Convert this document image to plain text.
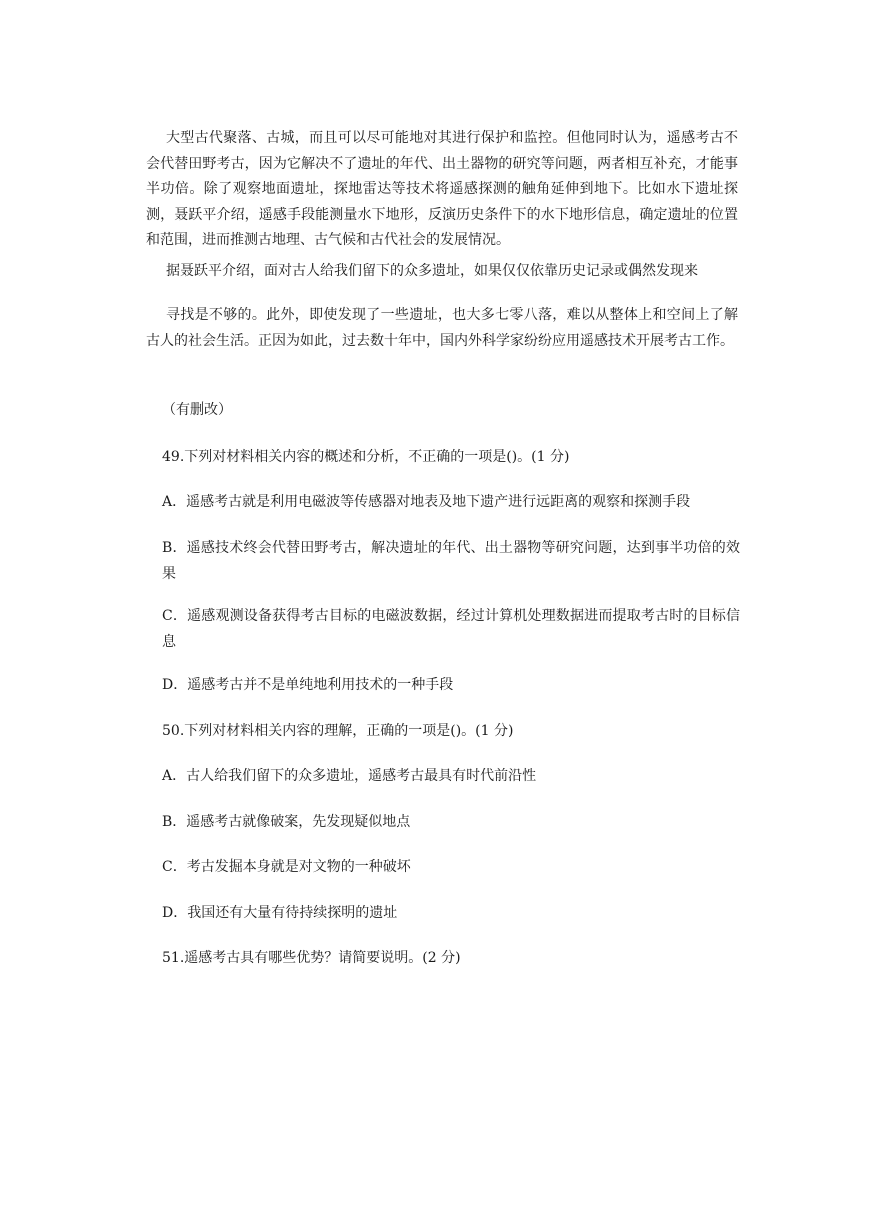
大型古代聚落、古城，而且可以尽可能地对其进行保护和监控。但他同时认为，遥感考古不会代替田野考古，因为它解决不了遗址的年代、出土器物的研究等问题，两者相互补充，才能事半功倍。除了观察地面遗址，探地雷达等技术将遥感探测的触角延伸到地下。比如水下遗址探测，聂跃平介绍，遥感手段能测量水下地形，反演历史条件下的水下地形信息，确定遗址的位置和范围，进而推测古地理、古气候和古代社会的发展情况。

据聂跃平介绍，面对古人给我们留下的众多遗址，如果仅仅依靠历史记录或偶然发现来

寻找是不够的。此外，即使发现了一些遗址，也大多七零八落，难以从整体上和空间上了解古人的社会生活。正因为如此，过去数十年中，国内外科学家纷纷应用遥感技术开展考古工作。

（有删改）

49.下列对材料相关内容的概述和分析，不正确的一项是()。(1 分)

A．遥感考古就是利用电磁波等传感器对地表及地下遗产进行远距离的观察和探测手段

B．遥感技术终会代替田野考古，解决遗址的年代、出土器物等研究问题，达到事半功倍的效果

C．遥感观测设备获得考古目标的电磁波数据，经过计算机处理数据进而提取考古时的目标信息

D．遥感考古并不是单纯地利用技术的一种手段

50.下列对材料相关内容的理解，正确的一项是()。(1 分)

A．古人给我们留下的众多遗址，遥感考古最具有时代前沿性

B．遥感考古就像破案，先发现疑似地点

C．考古发掘本身就是对文物的一种破坏

D．我国还有大量有待持续探明的遗址

51.遥感考古具有哪些优势？请简要说明。(2 分)
